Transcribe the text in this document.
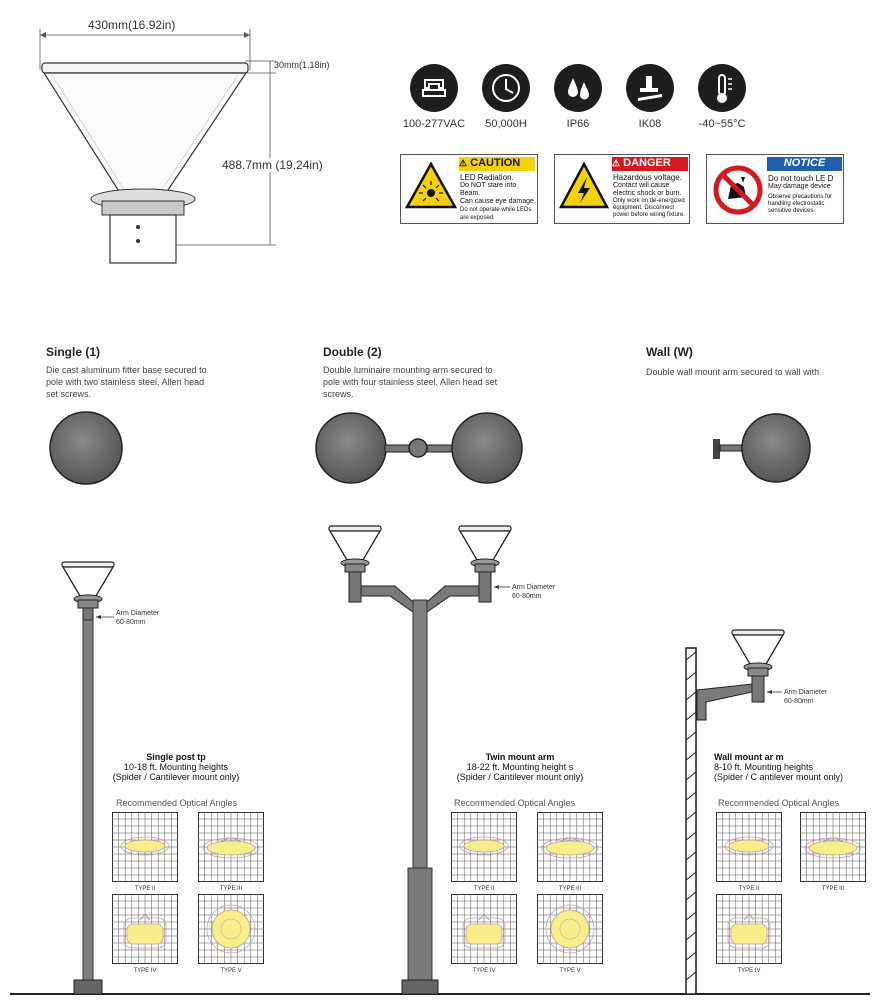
430mm(16.92in)
30mm(1.18in)
488.7mm (19.24in)
100-277VAC	50,000H	IP66	IK08	-40~55°C
⚠ CAUTION
LED Radiation.
Do NOT stare into Beam.
Can cause eye damage.
Do not operate while LEDs
are exposed.
⚠ DANGER
Hazardous voltage.
Contact will cause
electric shock or burn.
Only work on de-energized
equipment. Disconnect
power before wiring fixture.
NOTICE
Do not touch LE D
May damage device
Observe precautions for
handling electrostatic
sensitive devices.
Single (1)
Die cast aluminum fitter base secured to
pole with two stainless steel, Allen head
set screws.
Double (2)
Double luminaire mounting arm secured to
pole with four stainless steel, Allen head set
screws.
Wall (W)
Double wall mount arm secured to wall with
Arm Diameter
60-80mm
Arm Diameter
60-80mm
Arm Diameter
60-80mm
Single post tp
10-18 ft. Mounting heights
(Spider / Cantilever mount only)
Twin mount arm
18-22 ft. Mounting height s
(Spider / Cantilever mount only)
Wall mount ar m
8-10 ft. Mounting heights
(Spider / C antilever mount only)
Recommended Optical Angles	Recommended Optical Angles	Recommended Optical Angles
TYPE II	TYPE III
TYPE IV	TYPE V
TYPE II	TYPE III
TYPE IV	TYPE V
TYPE II	TYPE III
TYPE IV
